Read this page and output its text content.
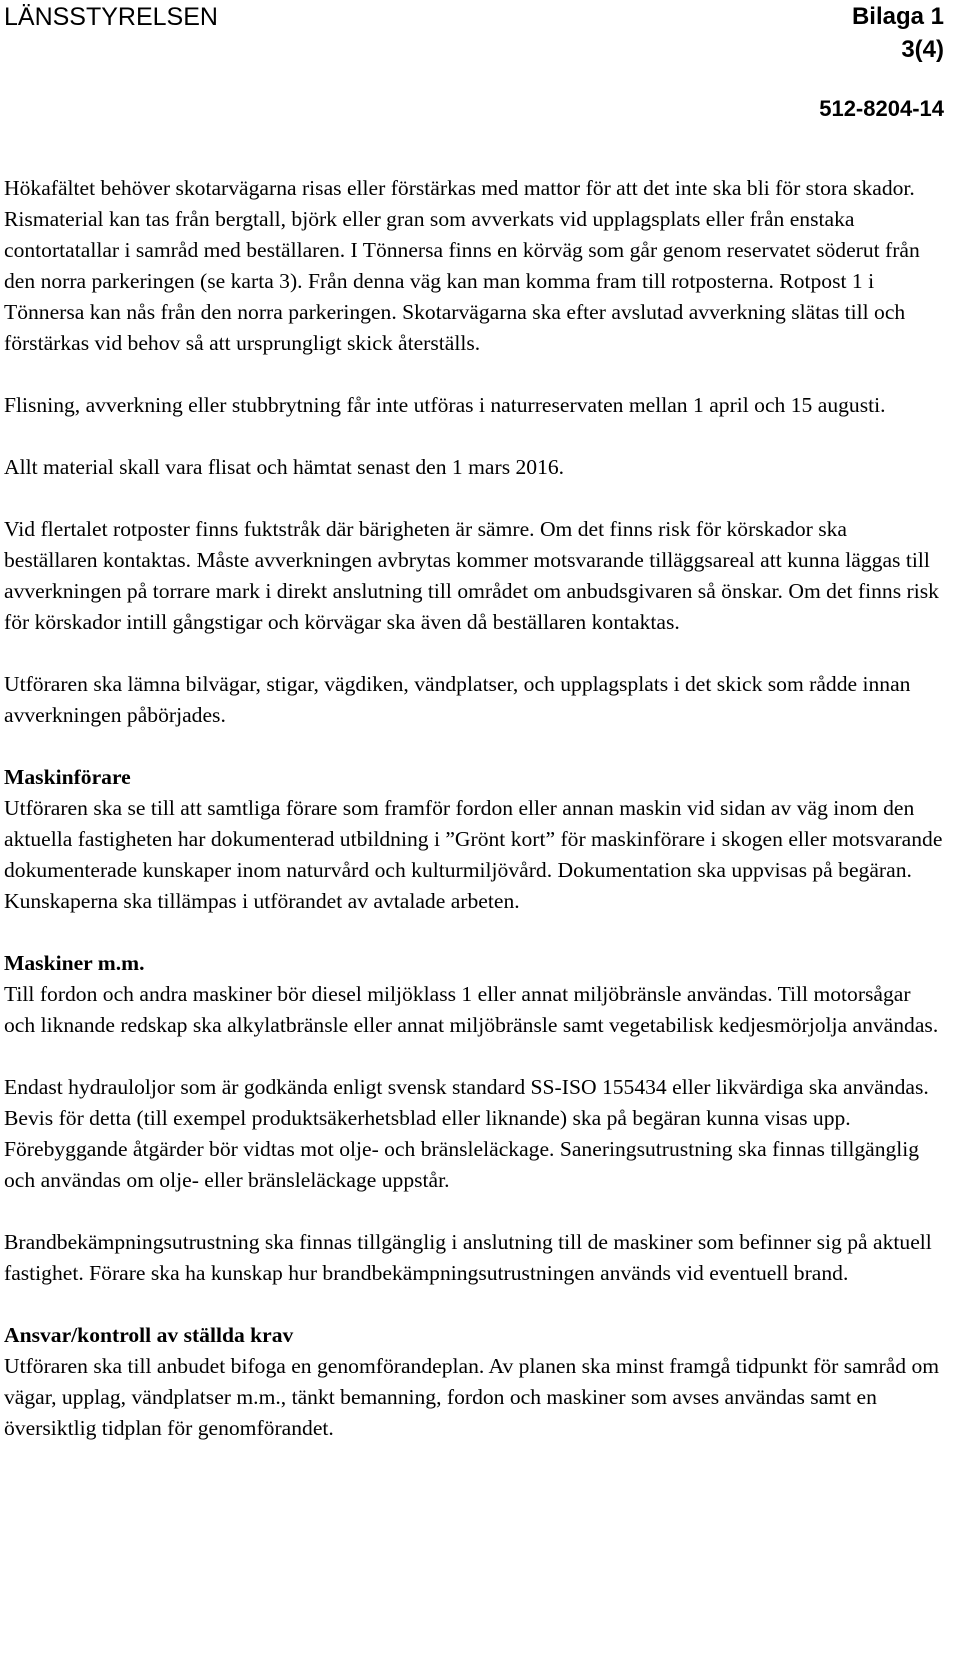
LÄNSSTYRELSEN	Bilaga 1
3(4)
512-8204-14

Hökafältet behöver skotarvägarna risas eller förstärkas med mattor för att det inte ska bli för stora skador. Rismaterial kan tas från bergtall, björk eller gran som avverkats vid upplagsplats eller från enstaka contortatallar i samråd med beställaren. I Tönnersa finns en körväg som går genom reservatet söderut från den norra parkeringen (se karta 3). Från denna väg kan man komma fram till rotposterna. Rotpost 1 i Tönnersa kan nås från den norra parkeringen. Skotarvägarna ska efter avslutad avverkning slätas till och förstärkas vid behov så att ursprungligt skick återställs.

Flisning, avverkning eller stubbrytning får inte utföras i naturreservaten mellan 1 april och 15 augusti.

Allt material skall vara flisat och hämtat senast den 1 mars 2016.

Vid flertalet rotposter finns fuktstråk där bärigheten är sämre. Om det finns risk för körskador ska beställaren kontaktas. Måste avverkningen avbrytas kommer motsvarande tilläggsareal att kunna läggas till avverkningen på torrare mark i direkt anslutning till området om anbudsgivaren så önskar. Om det finns risk för körskador intill gångstigar och körvägar ska även då beställaren kontaktas.

Utföraren ska lämna bilvägar, stigar, vägdiken, vändplatser, och upplagsplats i det skick som rådde innan avverkningen påbörjades.

Maskinförare

Utföraren ska se till att samtliga förare som framför fordon eller annan maskin vid sidan av väg inom den aktuella fastigheten har dokumenterad utbildning i ”Grönt kort” för maskinförare i skogen eller motsvarande dokumenterade kunskaper inom naturvård och kulturmiljövård. Dokumentation ska uppvisas på begäran. Kunskaperna ska tillämpas i utförandet av avtalade arbeten.

Maskiner m.m.

Till fordon och andra maskiner bör diesel miljöklass 1 eller annat miljöbränsle användas. Till motorsågar och liknande redskap ska alkylatbränsle eller annat miljöbränsle samt vegetabilisk kedjesmörjolja användas.

Endast hydrauloljor som är godkända enligt svensk standard SS-ISO 155434 eller likvärdiga ska användas. Bevis för detta (till exempel produktsäkerhetsblad eller liknande) ska på begäran kunna visas upp. Förebyggande åtgärder bör vidtas mot olje- och bränsleläckage. Saneringsutrustning ska finnas tillgänglig och användas om olje- eller bränsleläckage uppstår.

Brandbekämpningsutrustning ska finnas tillgänglig i anslutning till de maskiner som befinner sig på aktuell fastighet. Förare ska ha kunskap hur brandbekämpningsutrustningen används vid eventuell brand.

Ansvar/kontroll av ställda krav

Utföraren ska till anbudet bifoga en genomförandeplan. Av planen ska minst framgå tidpunkt för samråd om vägar, upplag, vändplatser m.m., tänkt bemanning, fordon och maskiner som avses användas samt en översiktlig tidplan för genomförandet.
